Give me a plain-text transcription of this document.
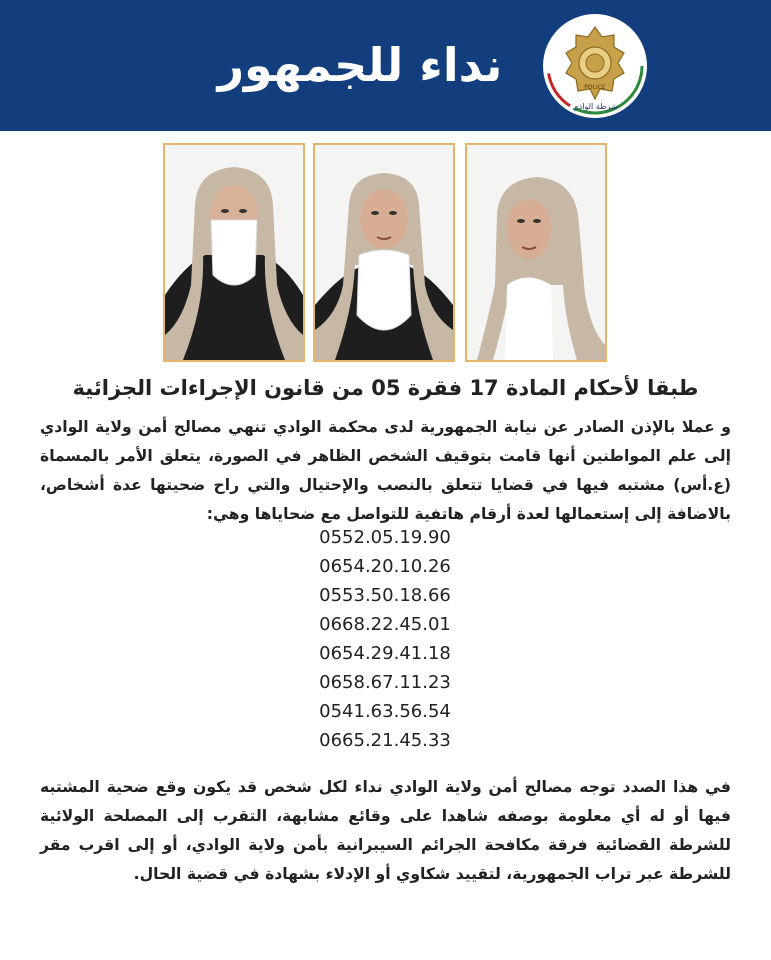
نداء للجمهور	POLICE
شرطة الوادي
طبقا لأحكام المادة 17 فقرة 05 من قانون الإجراءات الجزائية
و عملا بالإذن الصادر عن نيابة الجمهورية لدى محكمة الوادي تنهي مصالح أمن ولاية الوادي إلى علم المواطنين أنها قامت بتوقيف الشخص الظاهر في الصورة، يتعلق الأمر بالمسماة (ع.أس) مشتبه فيها في قضايا تتعلق بالنصب والإحتيال والتي راح ضحيتها عدة أشخاص، بالاضافة إلى إستعمالها لعدة أرقام هاتفية للتواصل مع ضحاياها وهي:
0552.05.19.90
0654.20.10.26
0553.50.18.66
0668.22.45.01
0654.29.41.18
0658.67.11.23
0541.63.56.54
0665.21.45.33
في هذا الصدد توجه مصالح أمن ولاية الوادي نداء لكل شخص قد يكون وقع ضحية المشتبه فيها أو له أي معلومة بوصفه شاهدا على وقائع مشابهة، التقرب إلى المصلحة الولائية للشرطة القضائية فرقة مكافحة الجرائم السيبرانية بأمن ولاية الوادي، أو إلى اقرب مقر للشرطة عبر تراب الجمهورية، لتقييد شكاوي أو الإدلاء بشهادة في قضية الحال.
